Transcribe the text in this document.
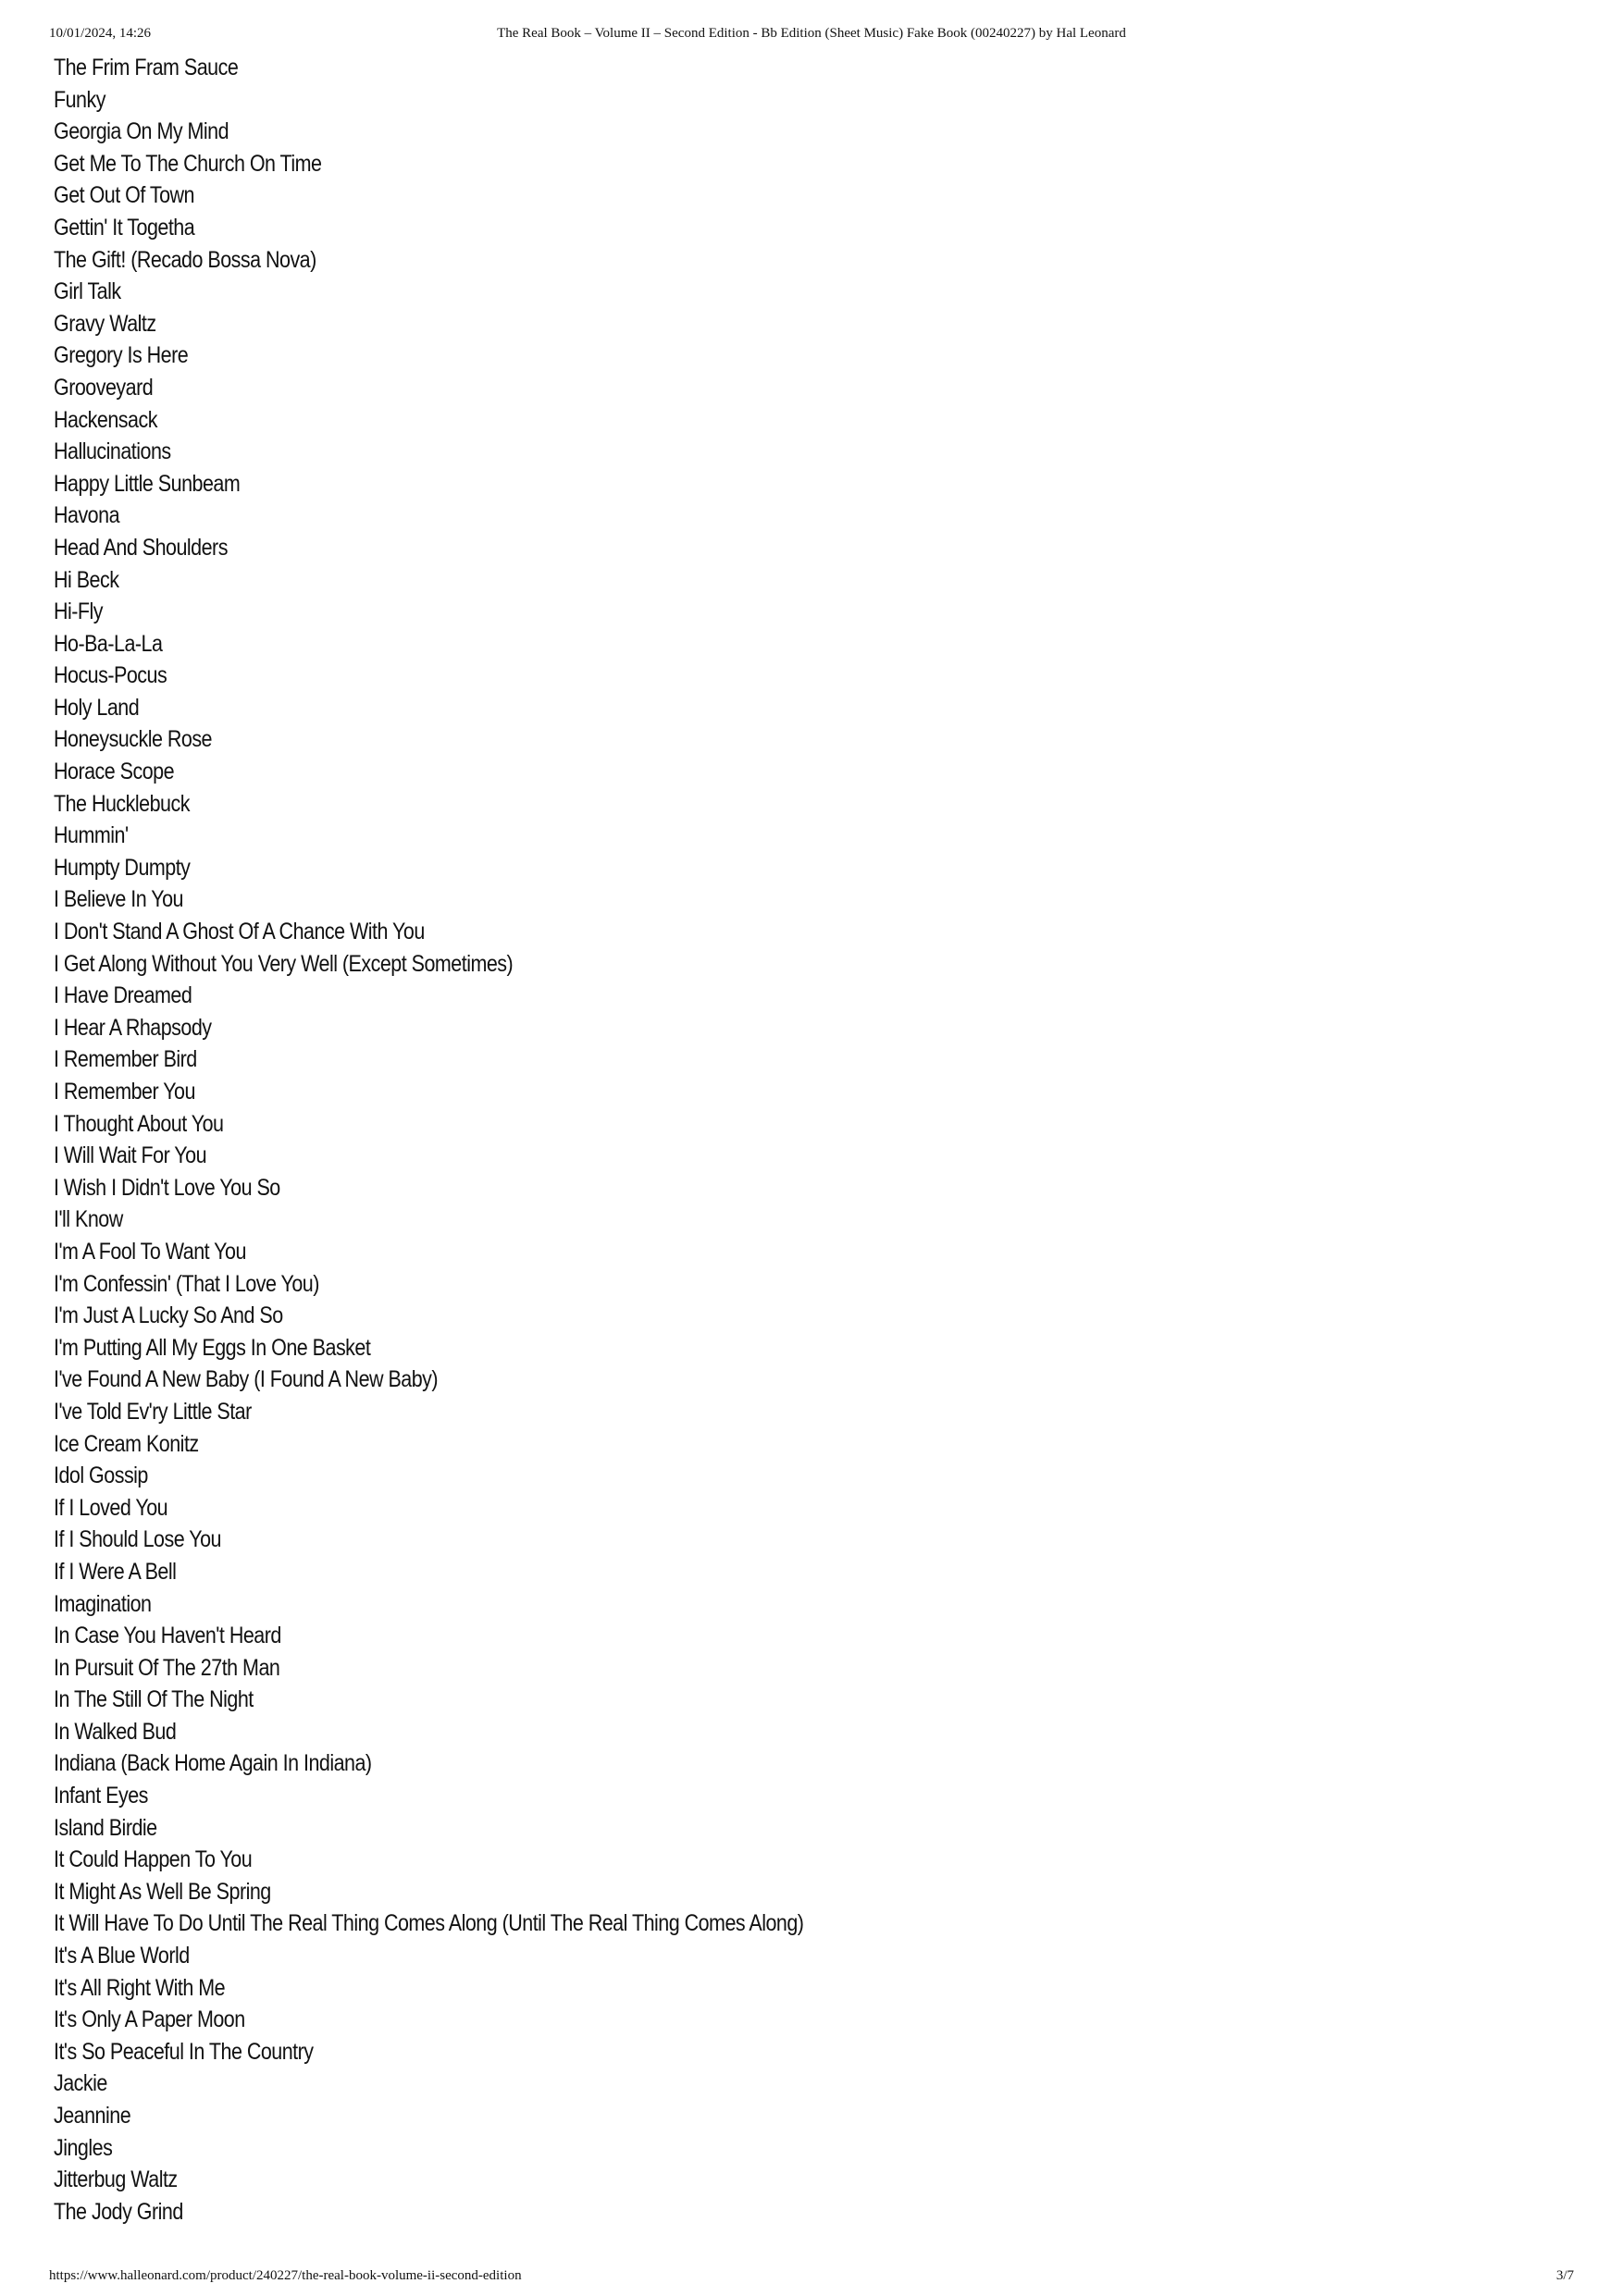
10/01/2024, 14:26	The Real Book – Volume II – Second Edition - Bb Edition (Sheet Music) Fake Book (00240227) by Hal Leonard
The Frim Fram Sauce
Funky
Georgia On My Mind
Get Me To The Church On Time
Get Out Of Town
Gettin' It Togetha
The Gift! (Recado Bossa Nova)
Girl Talk
Gravy Waltz
Gregory Is Here
Grooveyard
Hackensack
Hallucinations
Happy Little Sunbeam
Havona
Head And Shoulders
Hi Beck
Hi-Fly
Ho-Ba-La-La
Hocus-Pocus
Holy Land
Honeysuckle Rose
Horace Scope
The Hucklebuck
Hummin'
Humpty Dumpty
I Believe In You
I Don't Stand A Ghost Of A Chance With You
I Get Along Without You Very Well (Except Sometimes)
I Have Dreamed
I Hear A Rhapsody
I Remember Bird
I Remember You
I Thought About You
I Will Wait For You
I Wish I Didn't Love You So
I'll Know
I'm A Fool To Want You
I'm Confessin' (That I Love You)
I'm Just A Lucky So And So
I'm Putting All My Eggs In One Basket
I've Found A New Baby (I Found A New Baby)
I've Told Ev'ry Little Star
Ice Cream Konitz
Idol Gossip
If I Loved You
If I Should Lose You
If I Were A Bell
Imagination
In Case You Haven't Heard
In Pursuit Of The 27th Man
In The Still Of The Night
In Walked Bud
Indiana (Back Home Again In Indiana)
Infant Eyes
Island Birdie
It Could Happen To You
It Might As Well Be Spring
It Will Have To Do Until The Real Thing Comes Along (Until The Real Thing Comes Along)
It's A Blue World
It's All Right With Me
It's Only A Paper Moon
It's So Peaceful In The Country
Jackie
Jeannine
Jingles
Jitterbug Waltz
The Jody Grind
https://www.halleonard.com/product/240227/the-real-book-volume-ii-second-edition	3/7
